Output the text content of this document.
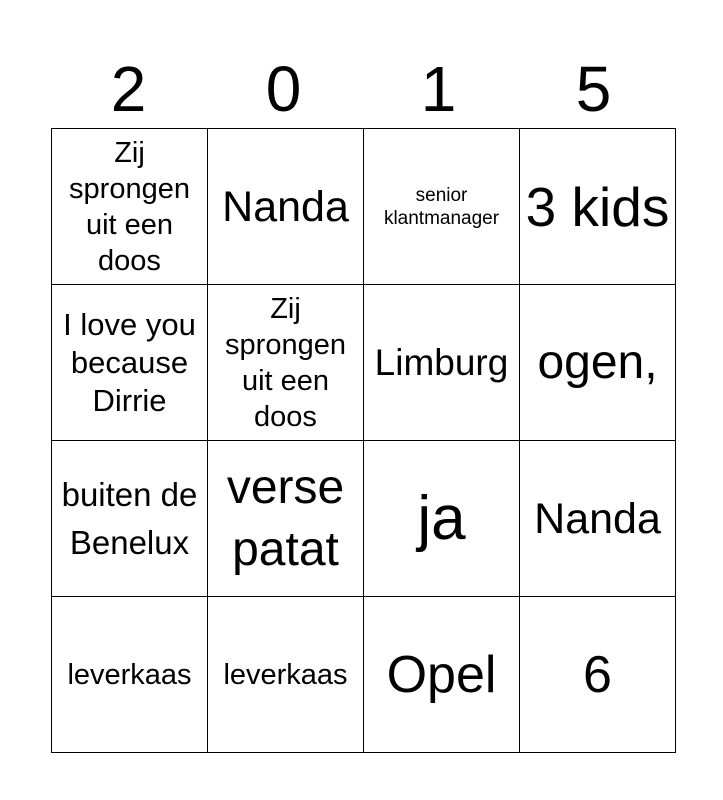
2	0	1	5
Zij sprongen uit een doos	Nanda	senior klantmanager	3 kids
I love you because Dirrie	Zij sprongen uit een doos	Limburg	ogen,
buiten de Benelux	verse patat	ja	Nanda
leverkaas	leverkaas	Opel	6
